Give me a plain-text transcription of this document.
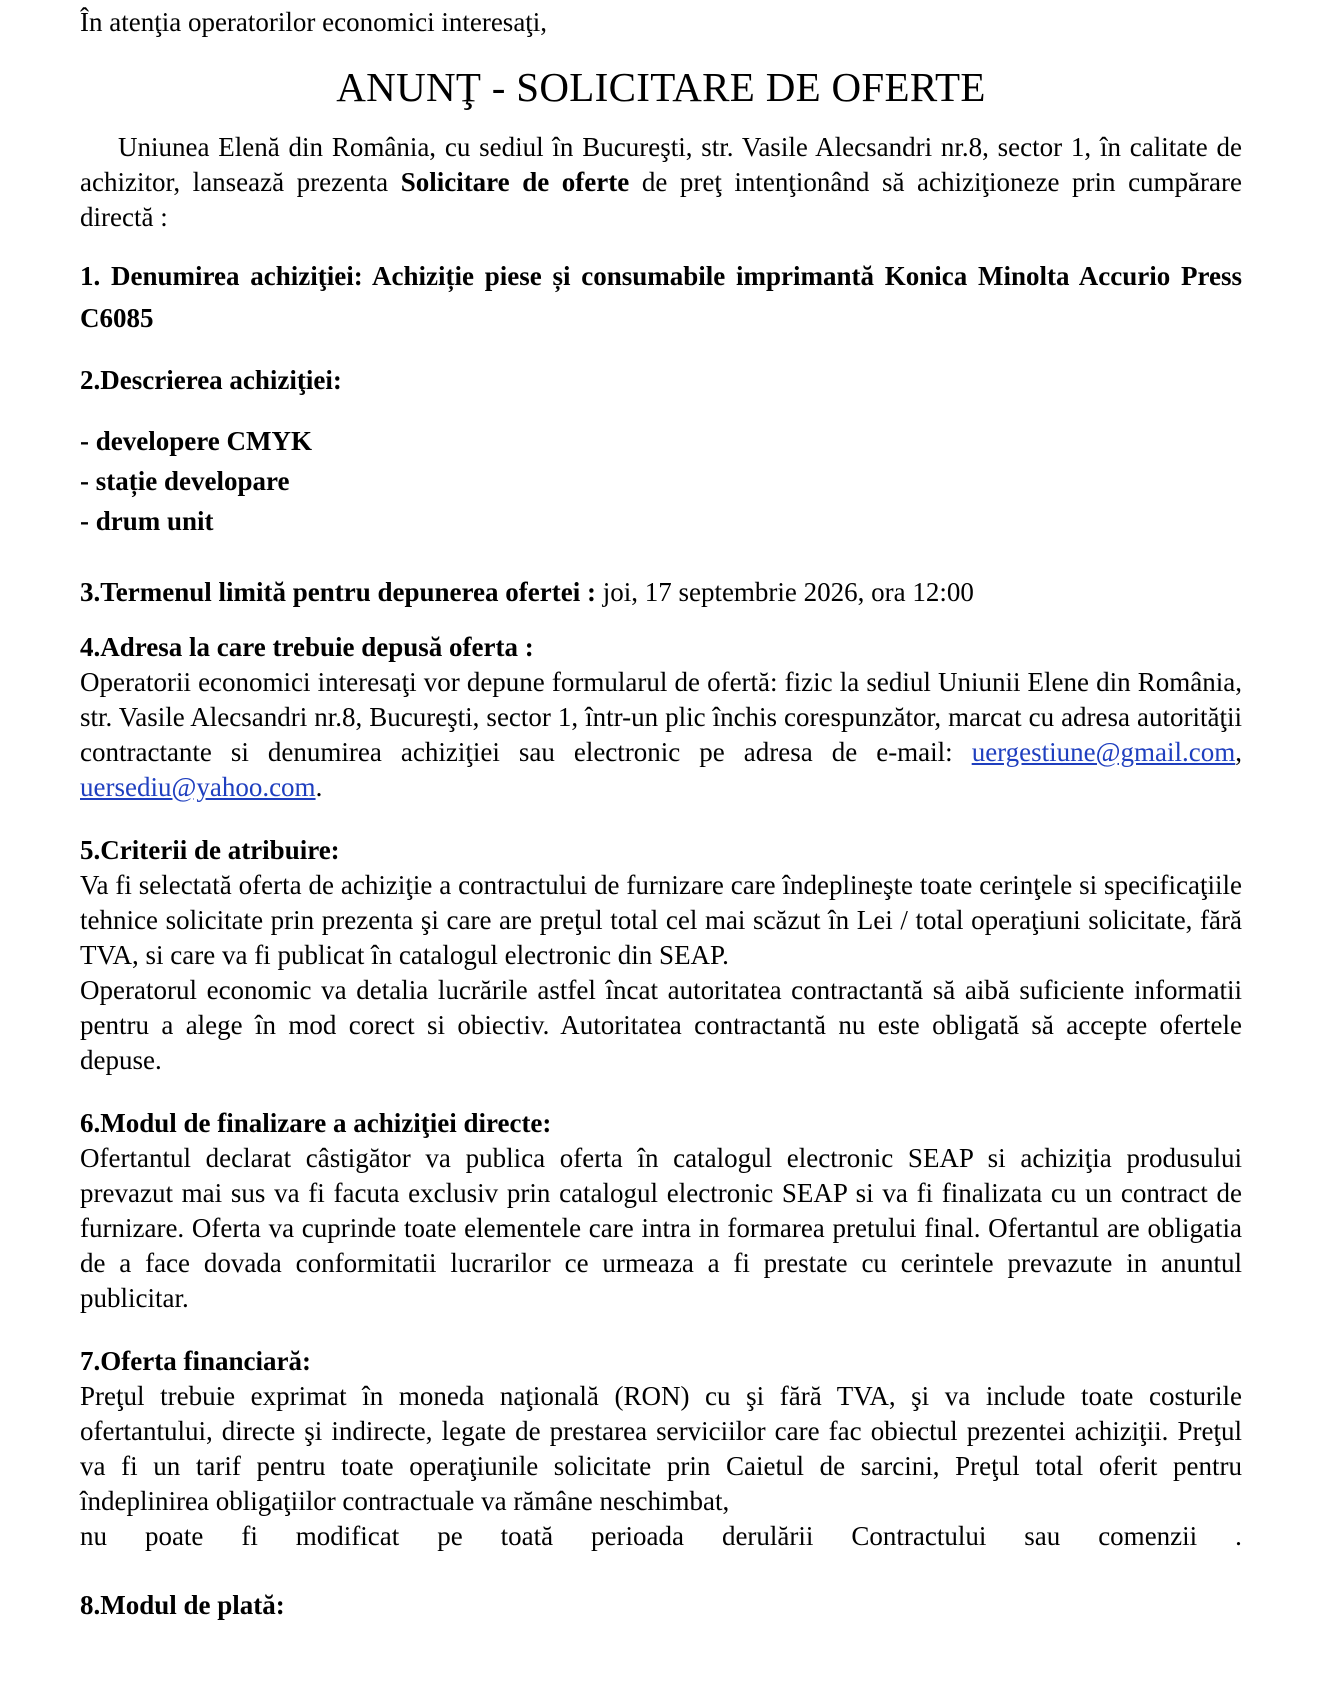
În atenţia operatorilor economici interesaţi,

ANUNŢ - SOLICITARE DE OFERTE

Uniunea Elenă din România, cu sediul în Bucureşti, str. Vasile Alecsandri nr.8, sector 1, în calitate de achizitor, lansează prezenta Solicitare de oferte de preţ intenţionând să achiziţioneze prin cumpărare directă :

1. Denumirea achiziţiei: Achiziție piese și consumabile imprimantă Konica Minolta Accurio Press C6085

2.Descrierea achiziţiei:

- developere CMYK
- stație developare
- drum unit

3.Termenul limită pentru depunerea ofertei : joi, 17 septembrie 2026, ora 12:00

4.Adresa la care trebuie depusă oferta :

Operatorii economici interesaţi vor depune formularul de ofertă: fizic la sediul Uniunii Elene din România, str. Vasile Alecsandri nr.8, Bucureşti, sector 1, într-un plic închis corespunzător, marcat cu adresa autorităţii contractante si denumirea achiziţiei sau electronic pe adresa de e-mail: uergestiune@gmail.com, uersediu@yahoo.com.

5.Criterii de atribuire:

Va fi selectată oferta de achiziţie a contractului de furnizare care îndeplineşte toate cerinţele si specificaţiile tehnice solicitate prin prezenta şi care are preţul total cel mai scăzut în Lei / total operaţiuni solicitate, fără TVA, si care va fi publicat în catalogul electronic din SEAP.

Operatorul economic va detalia lucrările astfel încat autoritatea contractantă să aibă suficiente informatii pentru a alege în mod corect si obiectiv. Autoritatea contractantă nu este obligată să accepte ofertele depuse.

6.Modul de finalizare a achiziţiei directe:

Ofertantul declarat câstigător va publica oferta în catalogul electronic SEAP si achiziţia produsului prevazut mai sus va fi facuta exclusiv prin catalogul electronic SEAP si va fi finalizata cu un contract de furnizare. Oferta va cuprinde toate elementele care intra in formarea pretului final. Ofertantul are obligatia de a face dovada conformitatii lucrarilor ce urmeaza a fi prestate cu cerintele prevazute in anuntul publicitar.

7.Oferta financiară:

Preţul trebuie exprimat în moneda naţională (RON) cu şi fără TVA, şi va include toate costurile ofertantului, directe şi indirecte, legate de prestarea serviciilor care fac obiectul prezentei achiziţii. Preţul va fi un tarif pentru toate operaţiunile solicitate prin Caietul de sarcini, Preţul total oferit pentru îndeplinirea obligaţiilor contractuale va rămâne neschimbat,

nu poate fi modificat pe toată perioada derulării Contractului sau comenzii .

8.Modul de plată:
